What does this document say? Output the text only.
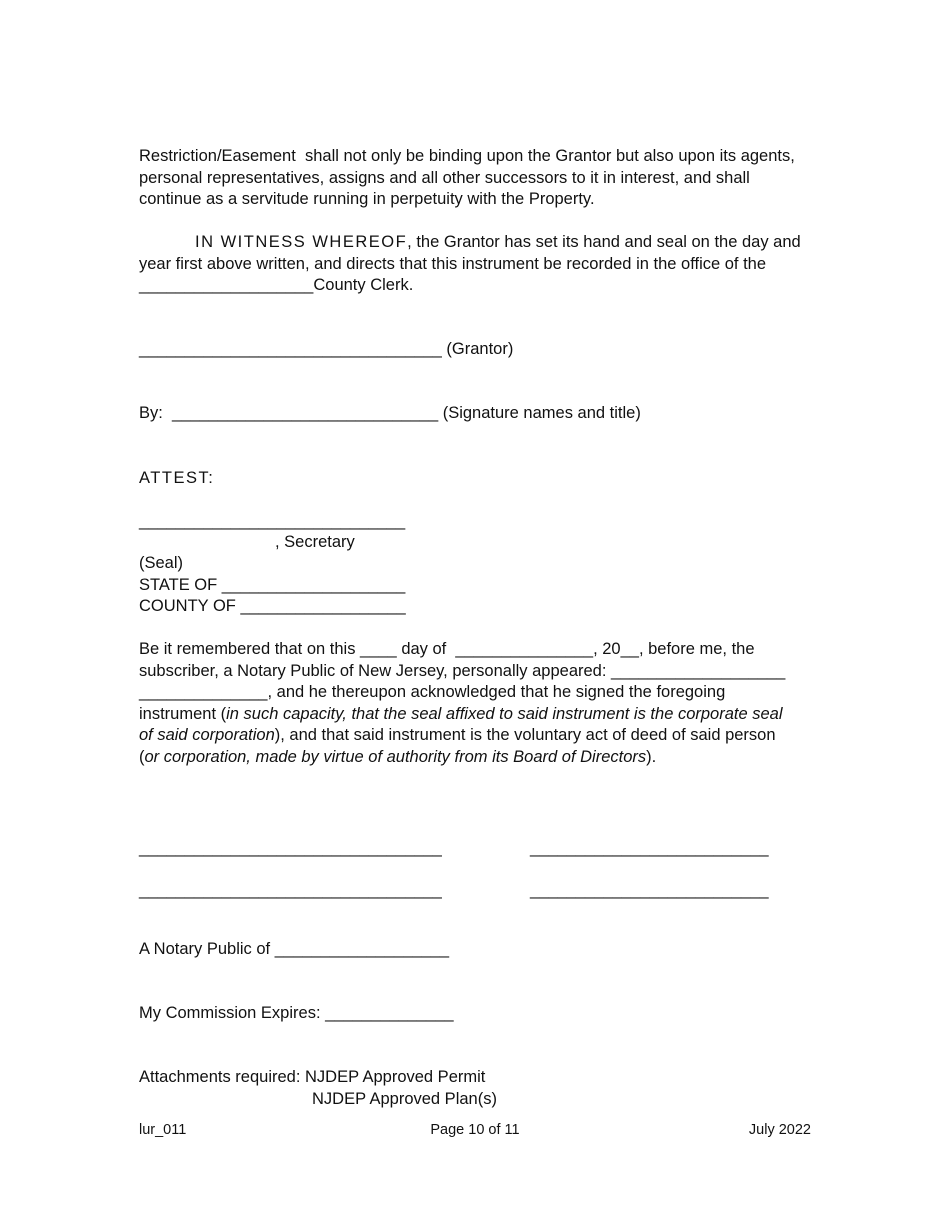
Restriction/Easement  shall not only be binding upon the Grantor but also upon its agents,
personal representatives, assigns and all other successors to it in interest, and shall
continue as a servitude running in perpetuity with the Property.
IN WITNESS WHEREOF, the Grantor has set its hand and seal on the day and
year first above written, and directs that this instrument be recorded in the office of the
___________________County Clerk.
_________________________________ (Grantor)
By:  _____________________________ (Signature names and title)
ATTEST:
_____________________________
, Secretary
(Seal)
STATE OF ____________________
COUNTY OF __________________
Be it remembered that on this ____ day of  _______________, 20__, before me, the
subscriber, a Notary Public of New Jersey, personally appeared: ___________________
______________, and he thereupon acknowledged that he signed the foregoing
instrument (in such capacity, that the seal affixed to said instrument is the corporate seal
of said corporation), and that said instrument is the voluntary act of deed of said person
(or corporation, made by virtue of authority from its Board of Directors).
_________________________________	__________________________
_________________________________	__________________________
A Notary Public of ___________________
My Commission Expires: ______________
Attachments required: NJDEP Approved Permit
NJDEP Approved Plan(s)
lur_011	Page 10 of 11	July 2022
